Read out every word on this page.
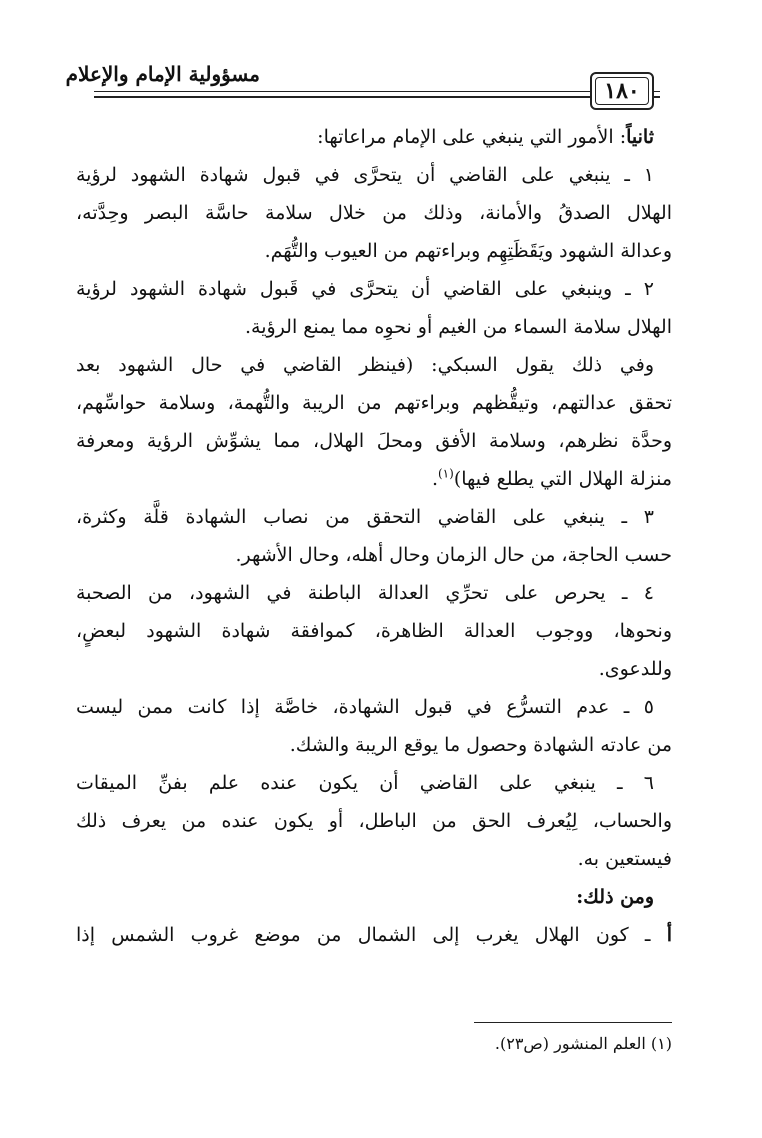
مسؤولية الإمام والإعلام
١٨٠
ثانياً: الأمور التي ينبغي على الإمام مراعاتها:
١ ـ ينبغي على القاضي أن يتحرَّى في قبول شهادة الشهود لرؤية
الهلال الصدقُ والأمانة، وذلك من خلال سلامة حاسَّة البصر وحِدَّته،
وعدالة الشهود ويَقَظَتِهِم وبراءتهم من العيوب والتُّهَم.
٢ ـ وينبغي على القاضي أن يتحرَّى في قَبول شهادة الشهود لرؤية
الهلال سلامة السماء من الغيم أو نحوِه مما يمنع الرؤية.
وفي ذلك يقول السبكي: (فينظر القاضي في حال الشهود بعد
تحقق عدالتهم، وتيقُّظهم وبراءتهم من الريبة والتُّهمة، وسلامة حواسِّهم،
وحدَّة نظرهم، وسلامة الأفق ومحلَ الهلال، مما يشوِّش الرؤية ومعرفة
منزلة الهلال التي يطلع فيها)$^{(١)}$.
٣ ـ ينبغي على القاضي التحقق من نصاب الشهادة قلَّة وكثرة،
حسب الحاجة، من حال الزمان وحال أهله، وحال الأشهر.
٤ ـ يحرص على تحرِّي العدالة الباطنة في الشهود، من الصحبة
ونحوها، ووجوب العدالة الظاهرة، كموافقة شهادة الشهود لبعضٍ،
وللدعوى.
٥ ـ عدم التسرُّع في قبول الشهادة، خاصَّة إذا كانت ممن ليست
من عادته الشهادة وحصول ما يوقع الريبة والشك.
٦ ـ ينبغي على القاضي أن يكون عنده علم بفنِّ الميقات
والحساب، لِيُعرف الحق من الباطل، أو يكون عنده من يعرف ذلك
فيستعين به.
ومن ذلك:
أ ـ كون الهلال يغرب إلى الشمال من موضع غروب الشمس إذا
(١) العلم المنشور (ص٢٣).
